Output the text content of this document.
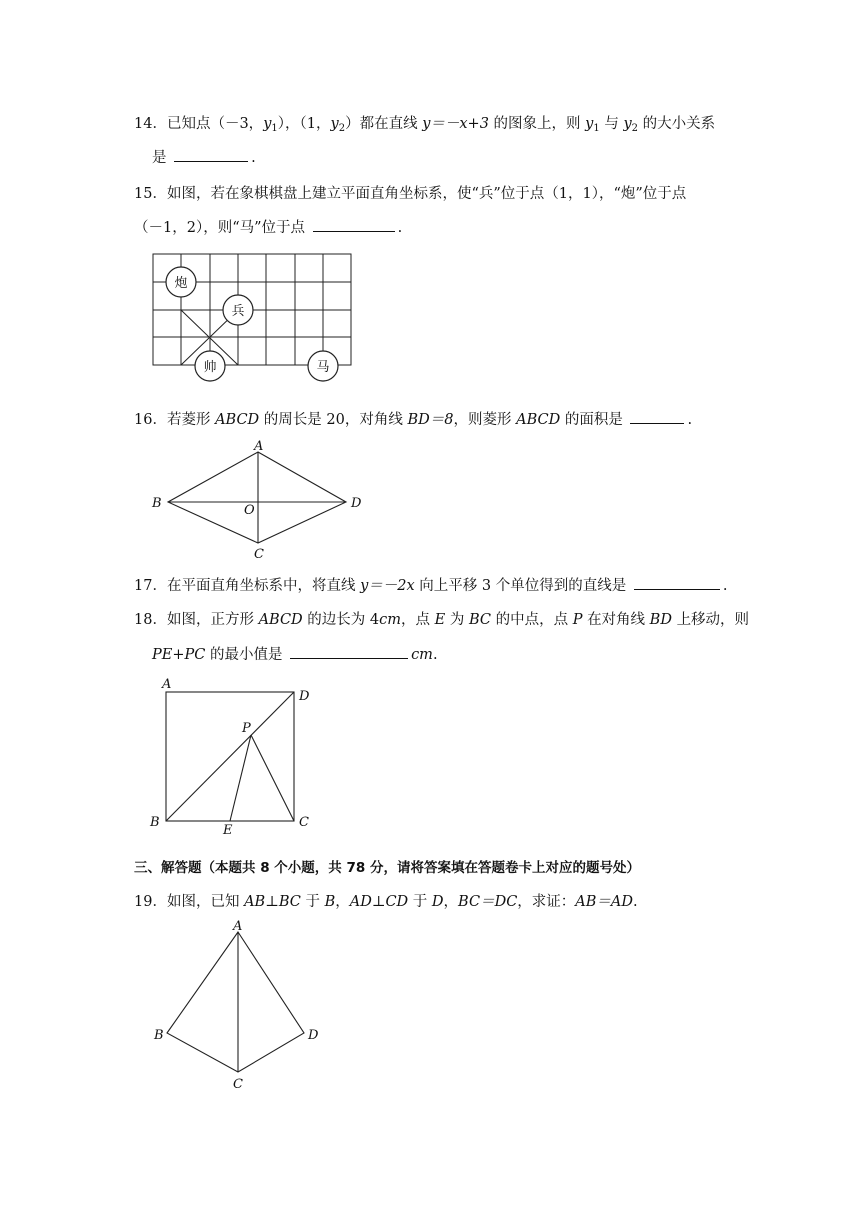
14．已知点（－3，$y_1$），（1，$y_2$）都在直线 y＝－x+3 的图象上，则 $y_1$ 与 $y_2$ 的大小关系
是	.
15．如图，若在象棋棋盘上建立平面直角坐标系，使“兵”位于点（1，1），“炮”位于点
（－1，2），则“马”位于点	.
炮
兵
帅	马
16．若菱形 ABCD 的周长是 20，对角线 BD＝8，则菱形 ABCD 的面积是	.
A
B
C
D
O
17．在平面直角坐标系中，将直线 y＝－2x 向上平移 3 个单位得到的直线是	.
18．如图，正方形 ABCD 的边长为 4cm，点 E 为 BC 的中点，点 P 在对角线 BD 上移动，则
PE+PC 的最小值是	cm.
A
B	C
D
E
P
三、解答题（本题共 8 个小题，共 78 分，请将答案填在答题卷卡上对应的题号处）
19．如图，已知 AB⊥BC 于 B，AD⊥CD 于 D，BC＝DC，求证：AB＝AD.
A
B
C
D
